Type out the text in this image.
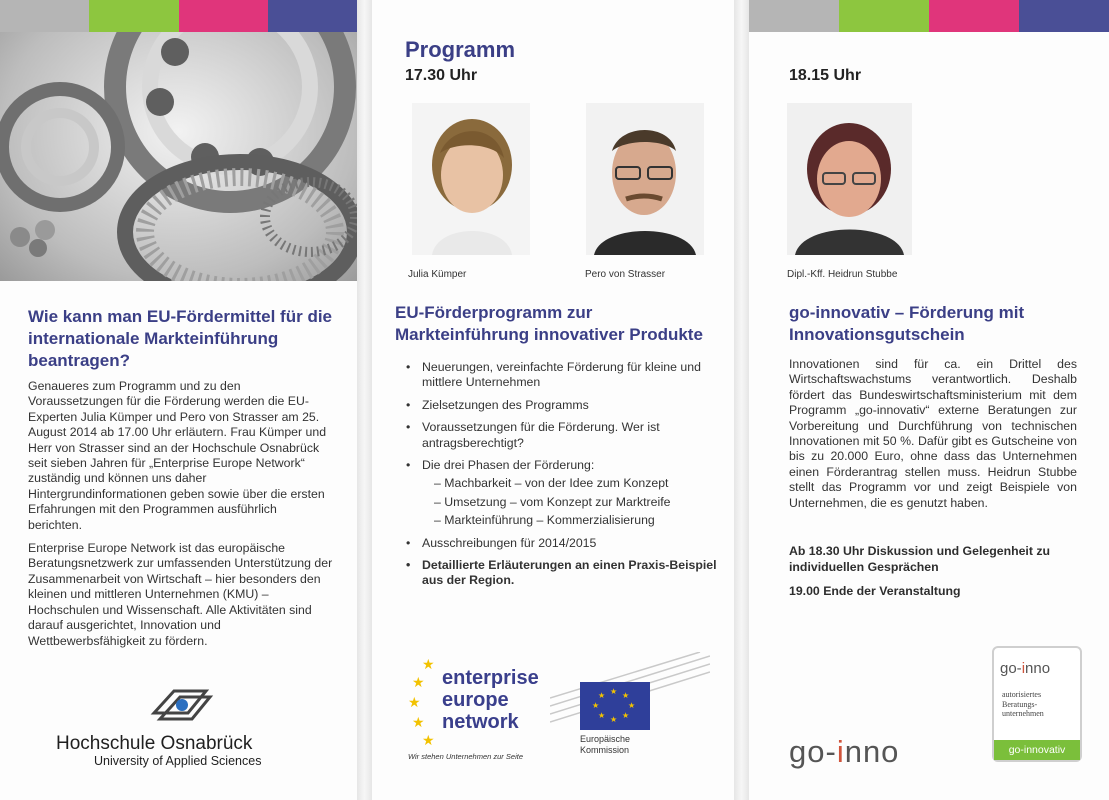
Wie kann man EU-Fördermittel für die internationale Markteinführung beantragen?

Genaueres zum Programm und zu den Voraussetzungen für die Förderung werden die EU-Experten Julia Kümper und Pero von Strasser am 25. August 2014 ab 17.00 Uhr erläutern. Frau Kümper und Herr von Strasser sind an der Hochschule Osnabrück seit sieben Jahren für „Enterprise Europe Network“ zuständig und können uns daher Hintergrundinformationen geben sowie über die ersten Erfahrungen mit den Programmen ausführlich berichten.

Enterprise Europe Network ist das europäische Beratungsnetzwerk zur umfassenden Unterstützung der Zusammenarbeit von Wirtschaft – hier besonders den kleinen und mittleren Unternehmen (KMU) – Hochschulen und Wissenschaft. Alle Aktivitäten sind darauf ausgerichtet, Innovation und Wettbewerbsfähigkeit zu fördern.

Hochschule Osnabrück
University of Applied Sciences
Programm
17.30 Uhr
Julia Kümper	Pero von Strasser
EU-Förderprogramm zur Markteinführung innovativer Produkte
• Neuerungen, vereinfachte Förderung für kleine und mittlere Unternehmen
• Zielsetzungen des Programms
• Voraussetzungen für die Förderung. Wer ist antragsberechtigt?
• Die drei Phasen der Förderung:
– Machbarkeit – von der Idee zum Konzept
– Umsetzung – vom Konzept zur Marktreife
– Markteinführung – Kommerzialisierung
• Ausschreibungen für 2014/2015
• Detaillierte Erläuterungen an einen Praxis-Beispiel aus der Region.
★
★
★
★
★
enterprise
europe
network
Wir stehen Unternehmen zur Seite
★ ★
★
★
★
★
★
★
Europäische
Kommission
18.15 Uhr
Dipl.-Kff. Heidrun Stubbe
go-innovativ – Förderung mit Innovationsgutschein
Innovationen sind für ca. ein Drittel des Wirtschaftswachstums verantwortlich. Deshalb fördert das Bundeswirtschaftsministerium mit dem Programm „go-innovativ“ externe Beratungen zur Vorbereitung und Durchführung von technischen Innovationen mit 50 %. Dafür gibt es Gutscheine von bis zu 20.000 Euro, ohne dass das Unternehmen einen Förderantrag stellen muss. Heidrun Stubbe stellt das Programm vor und zeigt Beispiele von Unternehmen, die es genutzt haben.
Ab 18.30 Uhr Diskussion und Gelegenheit zu individuellen Gesprächen
19.00 Ende der Veranstaltung
go-inno
go-inno
autorisiertes Beratungs-unternehmen
go-innovativ
